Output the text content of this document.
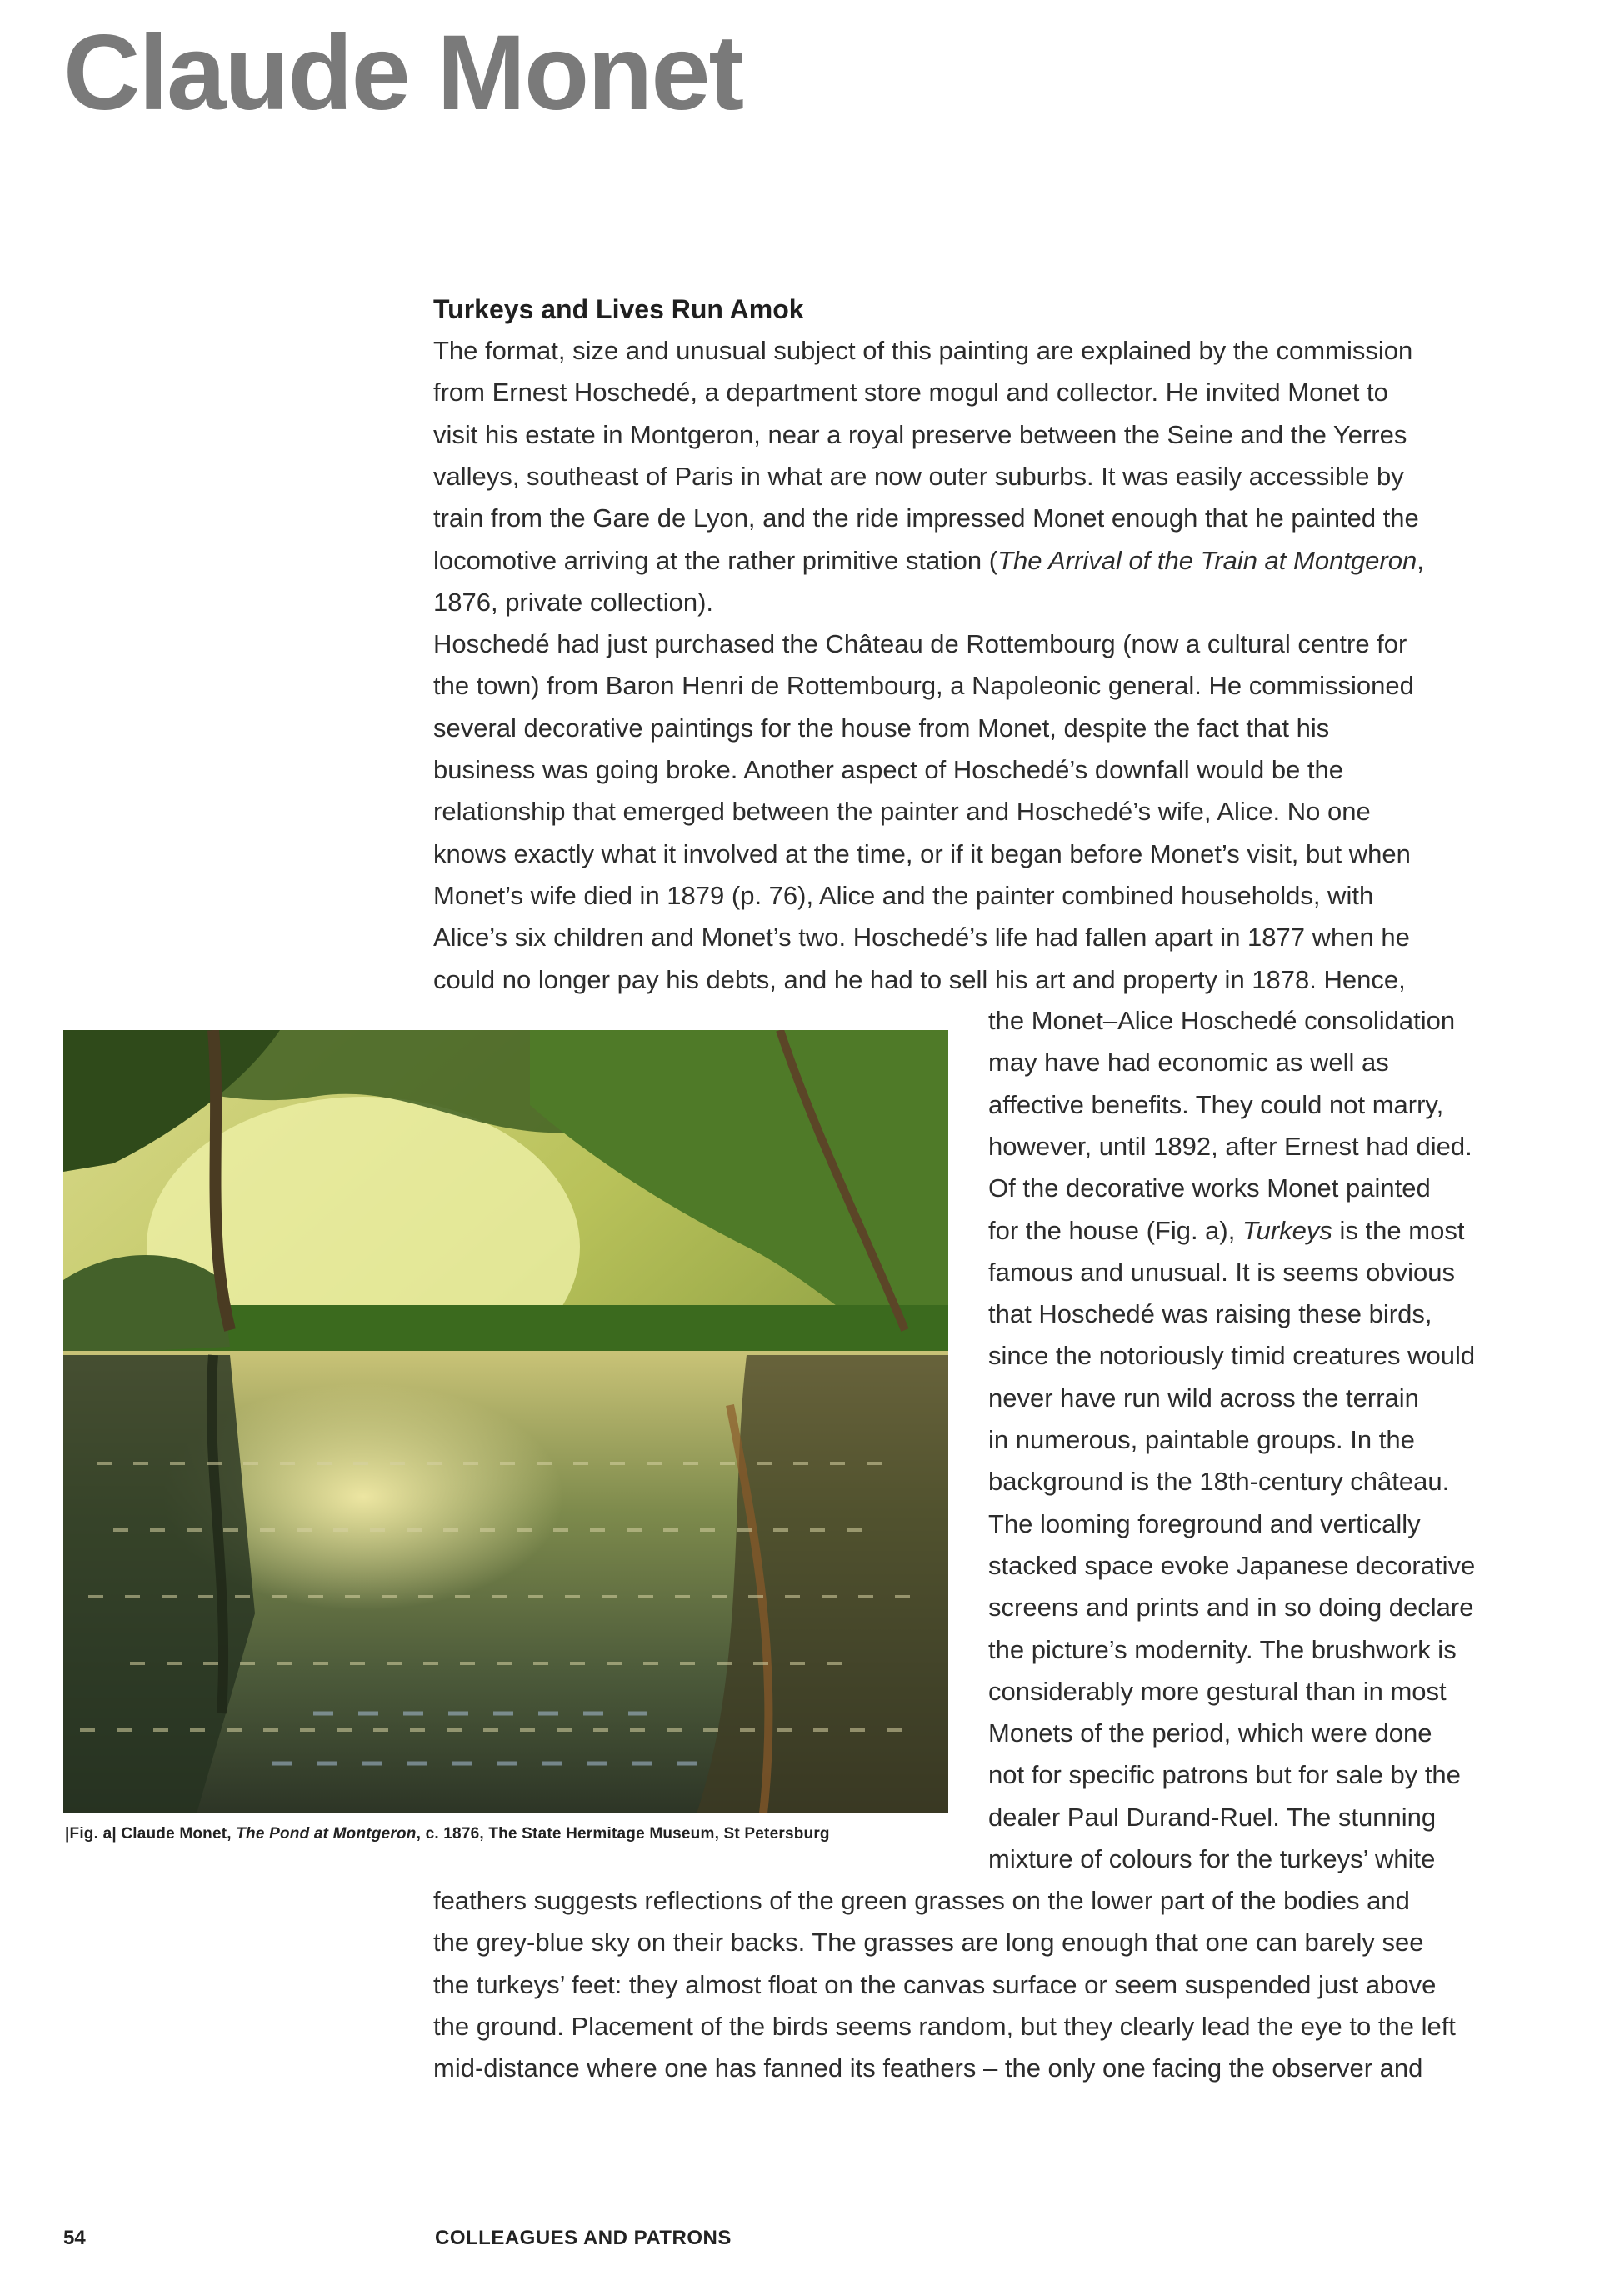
Claude Monet
Turkeys and Lives Run Amok
The format, size and unusual subject of this painting are explained by the commission
from Ernest Hoschedé, a department store mogul and collector. He invited Monet to
visit his estate in Montgeron, near a royal preserve between the Seine and the Yerres
valleys, southeast of Paris in what are now outer suburbs. It was easily accessible by
train from the Gare de Lyon, and the ride impressed Monet enough that he painted the
locomotive arriving at the rather primitive station (The Arrival of the Train at Montgeron,
1876, private collection).
Hoschedé had just purchased the Château de Rottembourg (now a cultural centre for
the town) from Baron Henri de Rottembourg, a Napoleonic general. He commissioned
several decorative paintings for the house from Monet, despite the fact that his
business was going broke. Another aspect of Hoschedé’s downfall would be the
relationship that emerged between the painter and Hoschedé’s wife, Alice. No one
knows exactly what it involved at the time, or if it began before Monet’s visit, but when
Monet’s wife died in 1879 (p. 76), Alice and the painter combined households, with
Alice’s six children and Monet’s two. Hoschedé’s life had fallen apart in 1877 when he
could no longer pay his debts, and he had to sell his art and property in 1878. Hence,
the Monet–Alice Hoschedé consolidation
may have had economic as well as
affective benefits. They could not marry,
however, until 1892, after Ernest had died.
Of the decorative works Monet painted
for the house (Fig. a), Turkeys is the most
famous and unusual. It is seems obvious
that Hoschedé was raising these birds,
since the notoriously timid creatures would
never have run wild across the terrain
in numerous, paintable groups. In the
background is the 18th-century château.
The looming foreground and vertically
stacked space evoke Japanese decorative
screens and prints and in so doing declare
the picture’s modernity. The brushwork is
considerably more gestural than in most
Monets of the period, which were done
not for specific patrons but for sale by the
dealer Paul Durand-Ruel. The stunning
mixture of colours for the turkeys’ white
feathers suggests reflections of the green grasses on the lower part of the bodies and
the grey-blue sky on their backs. The grasses are long enough that one can barely see
the turkeys’ feet: they almost float on the canvas surface or seem suspended just above
the ground. Placement of the birds seems random, but they clearly lead the eye to the left
mid-distance where one has fanned its feathers – the only one facing the observer and
|Fig. a| Claude Monet, The Pond at Montgeron, c. 1876, The State Hermitage Museum, St Petersburg
54	COLLEAGUES AND PATRONS
